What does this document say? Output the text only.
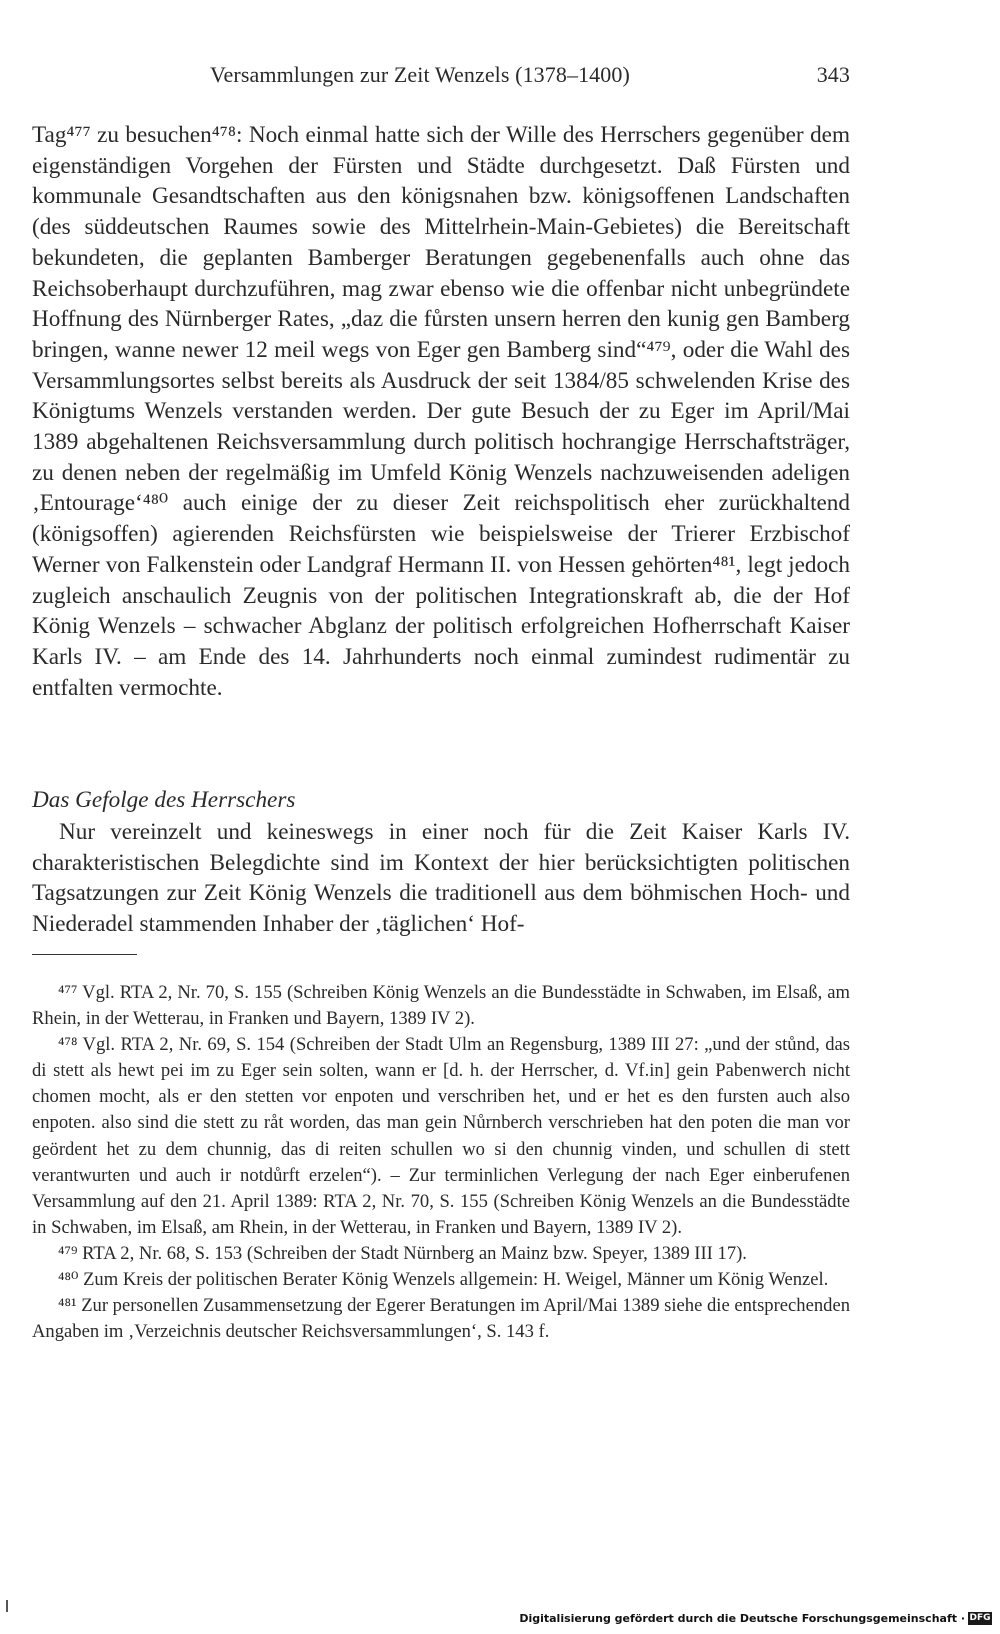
Versammlungen zur Zeit Wenzels (1378–1400)	343

Tag⁴⁷⁷ zu besuchen⁴⁷⁸: Noch einmal hatte sich der Wille des Herrschers gegenüber dem eigenständigen Vorgehen der Fürsten und Städte durchgesetzt. Daß Fürsten und kommunale Gesandtschaften aus den königsnahen bzw. königsoffenen Landschaften (des süddeutschen Raumes sowie des Mittelrhein-Main-Gebietes) die Bereitschaft bekundeten, die geplanten Bamberger Beratungen gegebenenfalls auch ohne das Reichsoberhaupt durchzuführen, mag zwar ebenso wie die offenbar nicht unbegründete Hoffnung des Nürnberger Rates, „daz die fůrsten unsern herren den kunig gen Bamberg bringen, wanne newer 12 meil wegs von Eger gen Bamberg sind“⁴⁷⁹, oder die Wahl des Versammlungsortes selbst bereits als Ausdruck der seit 1384/85 schwelenden Krise des Königtums Wenzels verstanden werden. Der gute Besuch der zu Eger im April/Mai 1389 abgehaltenen Reichsversammlung durch politisch hochrangige Herrschaftsträger, zu denen neben der regelmäßig im Umfeld König Wenzels nachzuweisenden adeligen ‚Entourage‘⁴⁸⁰ auch einige der zu dieser Zeit reichspolitisch eher zurückhaltend (königsoffen) agierenden Reichsfürsten wie beispielsweise der Trierer Erzbischof Werner von Falkenstein oder Landgraf Hermann II. von Hessen gehörten⁴⁸¹, legt jedoch zugleich anschaulich Zeugnis von der politischen Integrationskraft ab, die der Hof König Wenzels – schwacher Abglanz der politisch erfolgreichen Hofherrschaft Kaiser Karls IV. – am Ende des 14. Jahrhunderts noch einmal zumindest rudimentär zu entfalten vermochte.

Das Gefolge des Herrschers
Nur vereinzelt und keineswegs in einer noch für die Zeit Kaiser Karls IV. charakteristischen Belegdichte sind im Kontext der hier berücksichtigten politischen Tagsatzungen zur Zeit König Wenzels die traditionell aus dem böhmischen Hoch- und Niederadel stammenden Inhaber der ‚täglichen‘ Hof-

⁴⁷⁷ Vgl. RTA 2, Nr. 70, S. 155 (Schreiben König Wenzels an die Bundesstädte in Schwaben, im Elsaß, am Rhein, in der Wetterau, in Franken und Bayern, 1389 IV 2).

⁴⁷⁸ Vgl. RTA 2, Nr. 69, S. 154 (Schreiben der Stadt Ulm an Regensburg, 1389 III 27: „und der stůnd, das di stett als hewt pei im zu Eger sein solten, wann er [d. h. der Herrscher, d. Vf.in] gein Pabenwerch nicht chomen mocht, als er den stetten vor enpoten und verschriben het, und er het es den fursten auch also enpoten. also sind die stett zu råt worden, das man gein Nůrnberch verschrieben hat den poten die man vor geördent het zu dem chunnig, das di reiten schullen wo si den chunnig vinden, und schullen di stett verantwurten und auch ir notdůrft erzelen“). – Zur terminlichen Verlegung der nach Eger einberufenen Versammlung auf den 21. April 1389: RTA 2, Nr. 70, S. 155 (Schreiben König Wenzels an die Bundesstädte in Schwaben, im Elsaß, am Rhein, in der Wetterau, in Franken und Bayern, 1389 IV 2).

⁴⁷⁹ RTA 2, Nr. 68, S. 153 (Schreiben der Stadt Nürnberg an Mainz bzw. Speyer, 1389 III 17).

⁴⁸⁰ Zum Kreis der politischen Berater König Wenzels allgemein: H. Weigel, Männer um König Wenzel.

⁴⁸¹ Zur personellen Zusammensetzung der Egerer Beratungen im April/Mai 1389 siehe die entsprechenden Angaben im ‚Verzeichnis deutscher Reichsversammlungen‘, S. 143 f.

Digitalisierung gefördert durch die Deutsche Forschungsgemeinschaft · DFG
